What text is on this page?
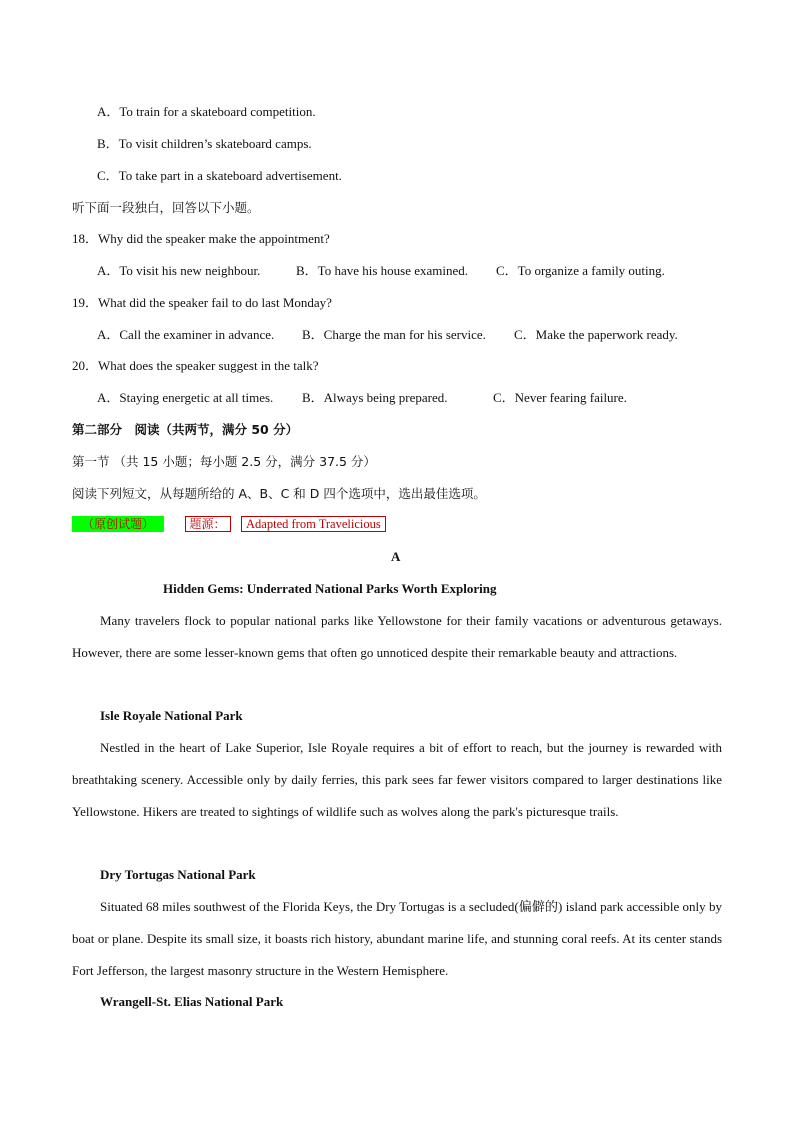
A．To train for a skateboard competition.
B．To visit children’s skateboard camps.
C．To take part in a skateboard advertisement.
听下面一段独白，回答以下小题。
18．Why did the speaker make the appointment?
A．To visit his new neighbour.	B．To have his house examined. C．To organize a family outing.
19．What did the speaker fail to do last Monday?
A．Call the examiner in advance. B．Charge the man for his service. C．Make the paperwork ready.
20．What does the speaker suggest in the talk?
A．Staying energetic at all times. B．Always being prepared.	C．Never fearing failure.
第二部分　阅读（共两节，满分 50 分）
第一节 （共 15 小题；每小题 2.5 分，满分 37.5 分）
阅读下列短文，从每题所给的 A、B、C 和 D 四个选项中，选出最佳选项。
（原创试题）	题源： Adapted from Travelicious
A
Hidden Gems: Underrated National Parks Worth Exploring
Many travelers flock to popular national parks like Yellowstone for their family vacations or adventurous getaways. However, there are some lesser-known gems that often go unnoticed despite their remarkable beauty and attractions.
Isle Royale National Park
Nestled in the heart of Lake Superior, Isle Royale requires a bit of effort to reach, but the journey is rewarded with breathtaking scenery. Accessible only by daily ferries, this park sees far fewer visitors compared to larger destinations like Yellowstone. Hikers are treated to sightings of wildlife such as wolves along the park's picturesque trails.
Dry Tortugas National Park
Situated 68 miles southwest of the Florida Keys, the Dry Tortugas is a secluded(偏僻的) island park accessible only by boat or plane. Despite its small size, it boasts rich history, abundant marine life, and stunning coral reefs. At its center stands Fort Jefferson, the largest masonry structure in the Western Hemisphere.
Wrangell-St. Elias National Park
